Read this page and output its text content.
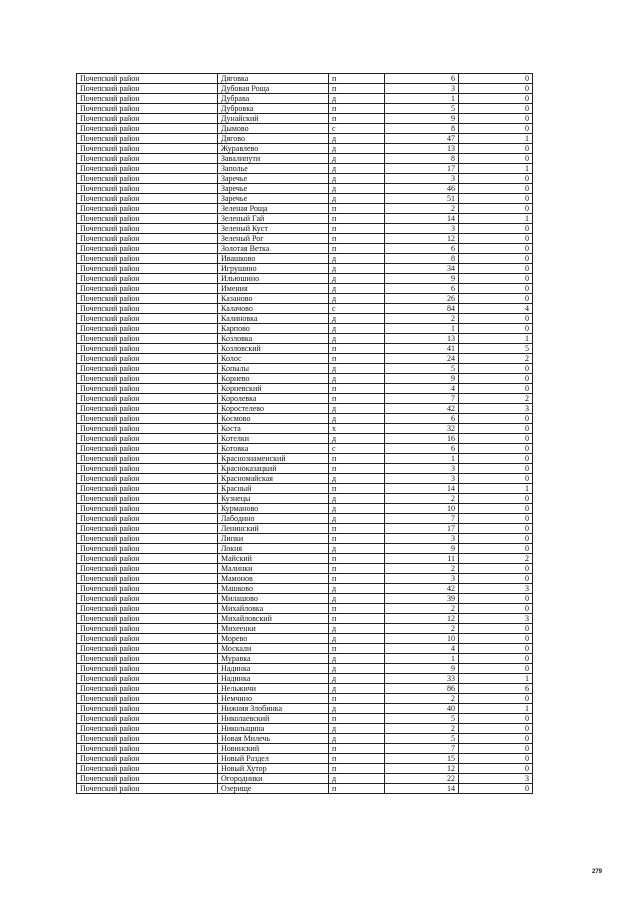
Почепский район	Дяговка	п	6	0
Почепский район	Дубовая Роща	п	3	0
Почепский район	Дубрава	д	1	0
Почепский район	Дубровка	п	5	0
Почепский район	Дунайский	п	9	0
Почепский район	Дымово	с	8	0
Почепский район	Дягово	д	47	1
Почепский район	Журавлево	д	13	0
Почепский район	Завалипути	д	8	0
Почепский район	Заполье	д	17	1
Почепский район	Заречье	д	3	0
Почепский район	Заречье	д	46	0
Почепский район	Заречье	д	51	0
Почепский район	Зеленая Роща	п	2	0
Почепский район	Зеленый Гай	п	14	1
Почепский район	Зеленый Куст	п	3	0
Почепский район	Зеленый Рог	п	12	0
Почепский район	Золотая Ветка	п	6	0
Почепский район	Ивашково	д	8	0
Почепский район	Игрушино	д	34	0
Почепский район	Ильюшино	д	9	0
Почепский район	Имения	д	6	0
Почепский район	Казаново	д	26	0
Почепский район	Калачово	с	84	4
Почепский район	Калиновка	д	2	0
Почепский район	Карпово	д	1	0
Почепский район	Козловка	д	13	1
Почепский район	Козловский	п	41	5
Почепский район	Колос	п	24	2
Почепский район	Копылы	д	5	0
Почепский район	Корнево	д	9	0
Почепский район	Корневский	п	4	0
Почепский район	Королевка	п	7	2
Почепский район	Коростелево	д	42	3
Почепский район	Космово	д	6	0
Почепский район	Коста	х	32	0
Почепский район	Котелки	д	16	0
Почепский район	Котовка	с	6	0
Почепский район	Краснознаменский	п	1	0
Почепский район	Красноказацкий	п	3	0
Почепский район	Красномайская	д	3	0
Почепский район	Красный	п	14	1
Почепский район	Кузнецы	д	2	0
Почепский район	Курманово	д	10	0
Почепский район	Лабодино	д	7	0
Почепский район	Ленинский	п	17	0
Почепский район	Липки	п	3	0
Почепский район	Локня	д	9	0
Почепский район	Майский	п	11	2
Почепский район	Малинки	п	2	0
Почепский район	Мамонов	п	3	0
Почепский район	Машково	д	42	3
Почепский район	Милашово	д	39	0
Почепский район	Михайловка	п	2	0
Почепский район	Михайловский	п	12	3
Почепский район	Михеенки	д	2	0
Почепский район	Морево	д	10	0
Почепский район	Москали	п	4	0
Почепский район	Муравка	д	1	0
Почепский район	Надинка	д	9	0
Почепский район	Надинка	д	33	1
Почепский район	Нельжичи	д	86	6
Почепский район	Немчино	п	2	0
Почепский район	Нижняя Злобинка	д	40	1
Почепский район	Николаевский	п	5	0
Почепский район	Никольщина	д	2	0
Почепский район	Новая Милечь	д	5	0
Почепский район	Новинский	п	7	0
Почепский район	Новый Раздел	п	15	0
Почепский район	Новый Хутор	п	12	0
Почепский район	Огородники	д	22	3
Почепский район	Озерище	п	14	0
279
